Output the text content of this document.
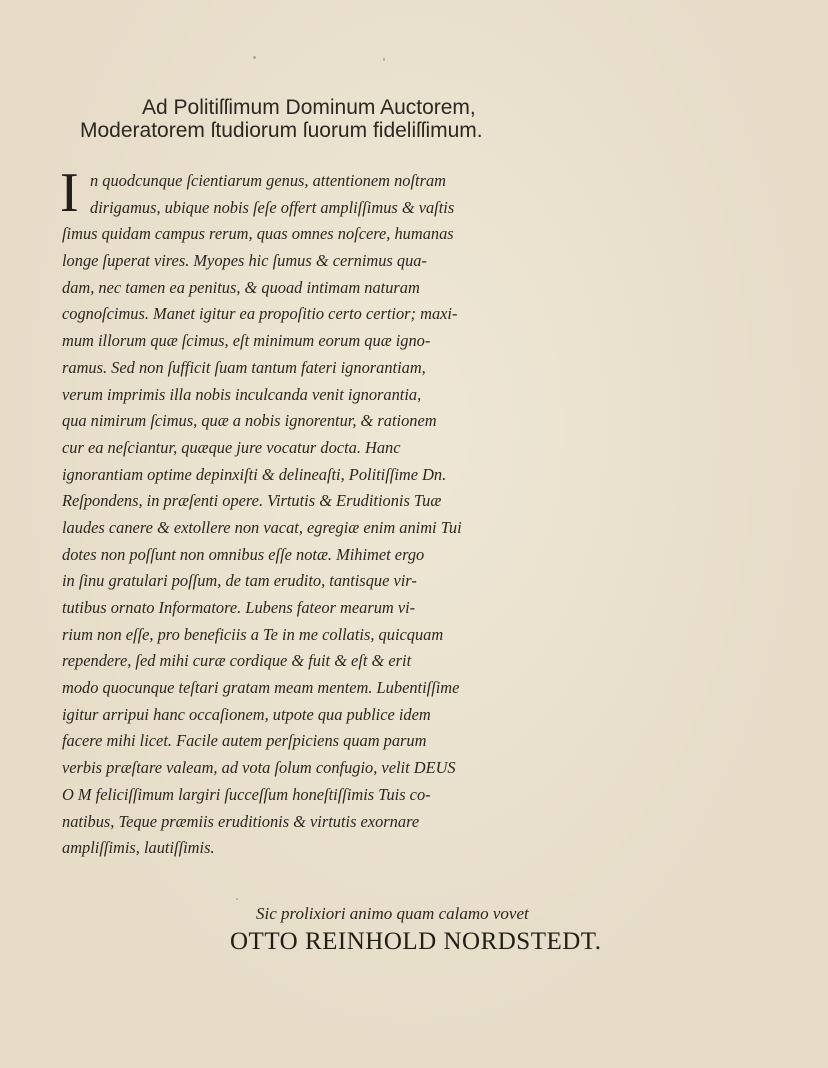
Ad Politiſſimum Dominum Auctorem,
Moderatorem ſtudiorum ſuorum fideliſſimum.
I n quodcunque ſcientiarum genus, attentionem noſtram
dirigamus, ubique nobis ſeſe offert ampliſſimus & vaſtis
ſimus quidam campus rerum, quas omnes noſcere, humanas
longe ſuperat vires. Myopes hic ſumus & cernimus qua-
dam, nec tamen ea penitus, & quoad intimam naturam
cognoſcimus. Manet igitur ea propoſitio certo certior; maxi-
mum illorum quæ ſcimus, eſt minimum eorum quæ igno-
ramus. Sed non ſufficit ſuam tantum fateri ignorantiam,
verum imprimis illa nobis inculcanda venit ignorantia,
qua nimirum ſcimus, quæ a nobis ignorentur, & rationem
cur ea neſciantur, quæque jure vocatur docta. Hanc
ignorantiam optime depinxiſti & delineaſti, Politiſſime Dn.
Reſpondens, in præſenti opere. Virtutis & Eruditionis Tuæ
laudes canere & extollere non vacat, egregiæ enim animi Tui
dotes non poſſunt non omnibus eſſe notæ. Mihimet ergo
in ſinu gratulari poſſum, de tam erudito, tantisque vir-
tutibus ornato Informatore. Lubens fateor mearum vi-
rium non eſſe, pro beneficiis a Te in me collatis, quicquam
rependere, ſed mihi curæ cordique & fuit & eſt & erit
modo quocunque teſtari gratam meam mentem. Lubentiſſime
igitur arripui hanc occaſionem, utpote qua publice idem
facere mihi licet. Facile autem perſpiciens quam parum
verbis præſtare valeam, ad vota ſolum confugio, velit DEUS
O M feliciſſimum largiri ſucceſſum honeſtiſſimis Tuis co-
natibus, Teque præmiis eruditionis & virtutis exornare
ampliſſimis, lautiſſimis.
Sic prolixiori animo quam calamo vovet
OTTO REINHOLD NORDSTEDT.
